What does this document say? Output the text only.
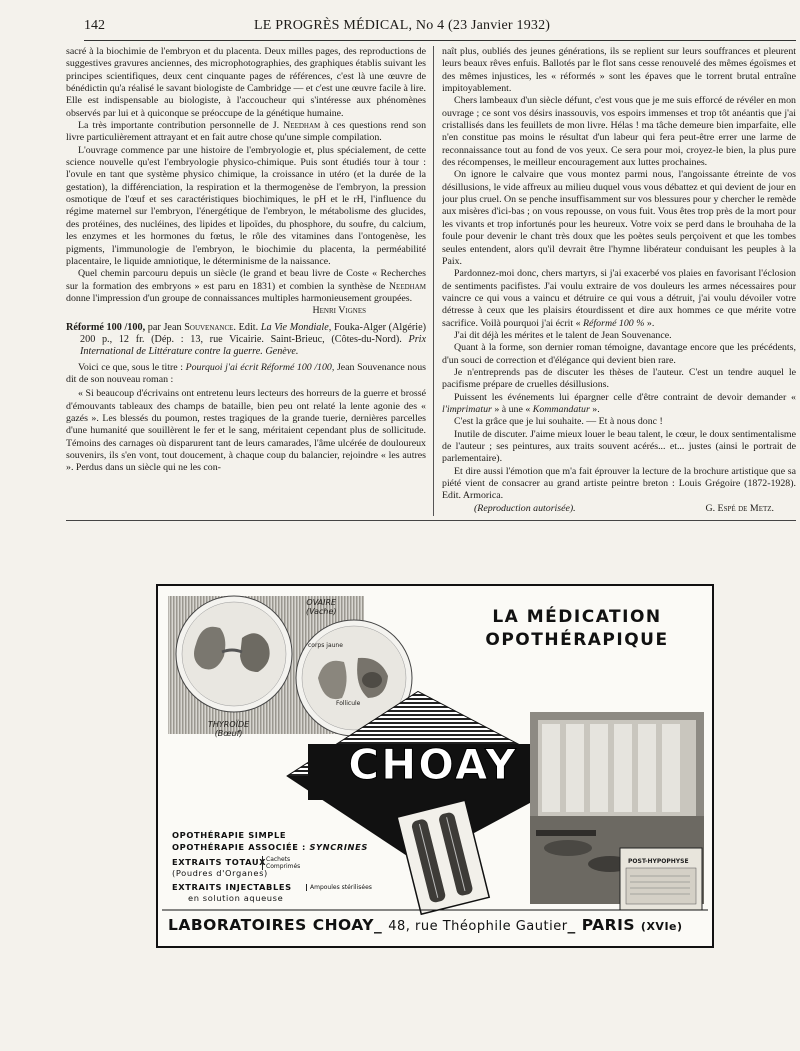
142	LE PROGRÈS MÉDICAL, No 4 (23 Janvier 1932)

sacré à la biochimie de l'embryon et du placenta. Deux milles pages, des reproductions de suggestives gravures anciennes, des microphotographies, des graphiques établis suivant les principes scientifiques, deux cent cinquante pages de références, c'est là une œuvre de bénédictin qu'a réalisé le savant biologiste de Cambridge — et c'est une œuvre facile à lire. Elle est indispensable au biologiste, à l'accoucheur qui s'intéresse aux phénomènes observés par lui et à quiconque se préoccupe de la génétique humaine.

La très importante contribution personnelle de J. Needham à ces questions rend son livre particulièrement attrayant et en fait autre chose qu'une simple compilation.

L'ouvrage commence par une histoire de l'embryologie et, plus spécialement, de cette science nouvelle qu'est l'embryologie physico-chimique. Puis sont étudiés tour à tour : l'ovule en tant que système physico chimique, la croissance in utéro (et la durée de la gestation), la différenciation, la respiration et la thermogenèse de l'embryon, la pression osmotique de l'œuf et ses caractéristiques biochimiques, le pH et le rH, l'influence du régime maternel sur l'embryon, l'énergétique de l'embryon, le métabolisme des glucides, des protéines, des nucléines, des lipides et lipoïdes, du phosphore, du soufre, du calcium, les enzymes et les hormones du fœtus, le rôle des vitamines dans l'ontogenèse, les pigments, l'immunologie de l'embryon, le biochimie du placenta, la perméabilité placentaire, le liquide amniotique, le déterminisme de la naissance.

Quel chemin parcouru depuis un siècle (le grand et beau livre de Coste « Recherches sur la formation des embryons » est paru en 1831) et combien la synthèse de Needham donne l'impression d'un groupe de connaissances multiples harmonieusement groupées.

Henri Vignes

Réformé 100 /100, par Jean Souvenance. Edit. La Vie Mondiale, Fouka-Alger (Algérie) 200 p., 12 fr. (Dép. : 13, rue Vicairie. Saint-Brieuc, (Côtes-du-Nord). Prix International de Littérature contre la guerre. Genève.

Voici ce que, sous le titre : Pourquoi j'ai écrit Réformé 100 /100, Jean Souvenance nous dit de son nouveau roman :

« Si beaucoup d'écrivains ont entretenu leurs lecteurs des horreurs de la guerre et brossé d'émouvants tableaux des champs de bataille, bien peu ont relaté la lente agonie des « gazés ». Les blessés du poumon, restes tragiques de la grande tuerie, dernières parcelles d'une humanité que souillèrent le fer et le sang, méritaient cependant plus de sollicitude. Témoins des carnages où disparurent tant de leurs camarades, l'âme ulcérée de douloureux souvenirs, ils s'en vont, tout doucement, à chaque coup du balancier, rejoindre « les autres ». Perdus dans un siècle qui ne les con-

naît plus, oubliés des jeunes générations, ils se replient sur leurs souffrances et pleurent leurs beaux rêves enfuis. Ballotés par le flot sans cesse renouvelé des mêmes égoïsmes et des mêmes injustices, les « réformés » sont les épaves que le torrent brutal entraîne impitoyablement.

Chers lambeaux d'un siècle défunt, c'est vous que je me suis efforcé de révéler en mon ouvrage ; ce sont vos désirs inassouvis, vos espoirs immenses et trop tôt anéantis que j'ai cristallisés dans les feuillets de mon livre. Hélas ! ma tâche demeure bien imparfaite, elle n'en constitue pas moins le résultat d'un labeur qui fera peut-être errer une larme de reconnaissance tout au fond de vos yeux. Ce sera pour moi, croyez-le bien, la plus pure des récompenses, le meilleur encouragement aux luttes prochaines.

On ignore le calvaire que vous montez parmi nous, l'angoissante étreinte de vos désillusions, le vide affreux au milieu duquel vous vous débattez et qui devient de jour en jour plus cruel. On se penche insuffisamment sur vos blessures pour y chercher le remède aux misères d'ici-bas ; on vous repousse, on vous fuit. Vous êtes trop près de la mort pour les vivants et trop infortunés pour les heureux. Votre voix se perd dans le brouhaha de la foule pour devenir le chant très doux que les poètes seuls perçoivent et que les tombes seules entendent, alors qu'il devrait être l'hymne libérateur conduisant les peuples à la Paix.

Pardonnez-moi donc, chers martyrs, si j'ai exacerbé vos plaies en favorisant l'éclosion de sentiments pacifistes. J'ai voulu extraire de vos douleurs les armes nécessaires pour vaincre ce qui vous a vaincu et détruire ce qui vous a détruit, j'ai voulu dévoiler votre détresse à ceux que les plaisirs étourdissent et dire aux hommes ce que mérite votre sacrifice. Voilà pourquoi j'ai écrit « Réformé 100 % ».

J'ai dit déjà les mérites et le talent de Jean Souvenance.

Quant à la forme, son dernier roman témoigne, davantage encore que les précédents, d'un souci de correction et d'élégance qui devient bien rare.

Je n'entreprends pas de discuter les thèses de l'auteur. C'est un tendre auquel le pacifisme prépare de cruelles désillusions.

Puissent les événements lui épargner celle d'être contraint de devoir demander « l'imprimatur » à une « Kommandatur ».

C'est la grâce que je lui souhaite. — Et à nous donc !

Inutile de discuter. J'aime mieux louer le beau talent, le cœur, le doux sentimentalisme de l'auteur ; ses peintures, aux traits souvent acérés... et... justes (ainsi le portrait de parlementaire).

Et dire aussi l'émotion que m'a fait éprouver la lecture de la brochure artistique que sa piété vient de consacrer au grand artiste peintre breton : Louis Grégoire (1872-1928). Edit. Armorica.

(Reproduction autorisée).	G. Espé de Metz.

OVAIRE
(Vache)
THYROÏDE
(Bœuf)
corps jaune
Follicule
LA MÉDICATION
OPOTHÉRAPIQUE
CHOAY
OPOTHÉRAPIE SIMPLE
OPOTHÉRAPIE ASSOCIÉE : SYNCRINES
EXTRAITS TOTAUX
(Poudres d'Organes)
Cachets
Comprimés
EXTRAITS INJECTABLES
en solution aqueuse
Ampoules stérilisées
POST-HYPOPHYSE
LABORATOIRES CHOAY_ 48, rue Théophile Gautier_ PARIS (XVIe)
